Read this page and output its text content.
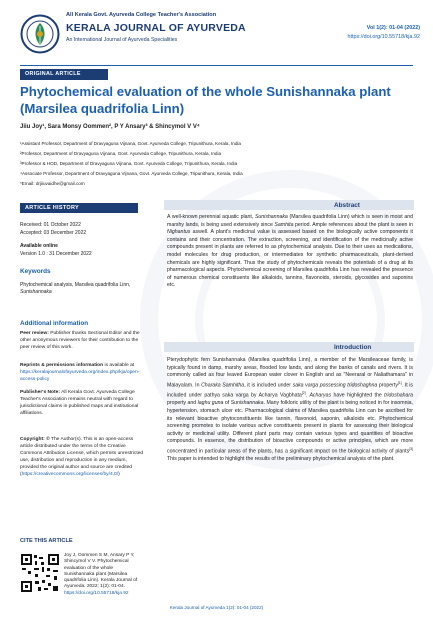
All Kerala Govt. Ayurveda College Teacher's Association
KERALA JOURNAL OF AYURVEDA
An International Journal of Ayurveda Specialities
Vol 1(2): 01-04 (2022)
https://doi.org/10.55718/kja.92
ORIGINAL ARTICLE
Phytochemical evaluation of the whole Sunishannaka plant (Marsilea quadrifolia Linn)
Jiiu Joy¹, Sara Monsy Oommen², P Y Ansary³ & Shincymol V V⁴
¹Assistant Professor, Department of Dravyaguna Vijnana, Govt. Ayurveda College, Tripunithura, Kerala, India
²Professor, Department of Dravyaguna Vijnana, Govt. Ayurveda College, Tripunithura, Kerala, India
³Professor & HOD, Department of Dravyaguna Vijnana, Govt. Ayurveda College, Tripunithura, Kerala, India
⁴Associate Professor, Department of Dravyaguna Vijnana, Govt. Ayurveda College, Tripunithura, Kerala, India
*Email: drjiiuvaidhe@gmail.com
ARTICLE HISTORY
Received: 01 October 2022
Accepted: 03 December 2022
Available online
Version 1.0 : 31 December 2022
Keywords
Phytochemical analysis, Marsilea quadrifolia Linn,
Sunishannaka
Additional information
Peer review: Publisher thanks Sectional Editor and the other anonymous reviewers for their contribution to the peer review of this work.
Reprints & permissions information is available at https://keralajournalofayurveda.org/index.php/kja/open-access-policy
Publisher's Note: All Kerala Govt. Ayurveda College Teacher's Association remains neutral with regard to jurisdictional claims in published maps and institutional affiliations.
Copyright: © The Author(s). This is an open-access article distributed under the terms of the Creative Commons Attribution License, which permits unrestricted use, distribution and reproduction in any medium, provided the original author and source are credited (https://creativecommons.org/licenses/by/4.0/)
CITE THIS ARTICLE
Joy J, Oommen S M, Ansary P Y, Shincymol V V. Phytochemical evaluation of the whole Sunishannaka plant (Marsilea quadrifolia Linn). Kerala Journal of Ayurveda. 2022; 1(2): 01-04. https://doi.org/10.55718/kja.92
Abstract
A well-known perennial aquatic plant, Sunishannaka (Marsilea quadrifolia Linn) which is seen in moist and marshy lands, is being used extensively since Samhita period. Ample references about the plant is seen in Nighantus aswell. A plant's medicinal value is assessed based on the biologically active components it contains and their concentration. The extraction, screening, and identification of the medicinally active compounds present in plants are referred to as phytochemical analysis. Due to their uses as medications, model molecules for drug production, or intermediates for synthetic pharmaceuticals, plant-derived chemicals are highly significant. Thus the study of phytochemicals reveals the potentials of a drug at its pharmacological aspects. Phytochemical screening of Marsilea quadrifolia Linn has revealed the presence of numerous chemical constituents like alkaloids, tannins, flavonoids, steroids, glycosides and saponins etc.
Introduction
Pterydophytic fern Sunishannaka (Marsilea quadrifolia Linn), a member of the Marsileaceae family, is typically found in damp, marshy areas, flooded low lands, and along the banks of canals and rivers. It is commonly called as four leaved European water clover in English and as "Neeraral or Naliathamara" in Malayalam. In Charaka Samhitha, it is included under saka varga possessing tridoshaghna property[1]. It is included under pathya saka varga by Acharya Vagbhata[2]. Acharyas have highlighted the tridoshahara property and laghu guna of Sunishannaka. Many folkloric utility of the plant is being noticed in for insomnia, hypertension, stomach ulcer etc. Pharmacological claims of Marsilea quadrifolia Linn can be ascribed for its relevant bioactive phytoconstituents like tannin, flavonoid, saponin, alkaloids etc. Phytochemical screening promotes to isolate various active constituents present in plants for assessing their biological activity or medicinal utility. Different plant parts may contain various types and quantities of bioactive compounds. In essence, the distribution of bioactive compounds or active principles, which are more concentrated in particular areas of the plants, has a significant impact on the biological activity of plants[3] This paper is intended to highlight the results of the preliminary phytochemical analysis of the plant.
Kerala Journal of Ayurveda 1(2): 01-04 (2022)
